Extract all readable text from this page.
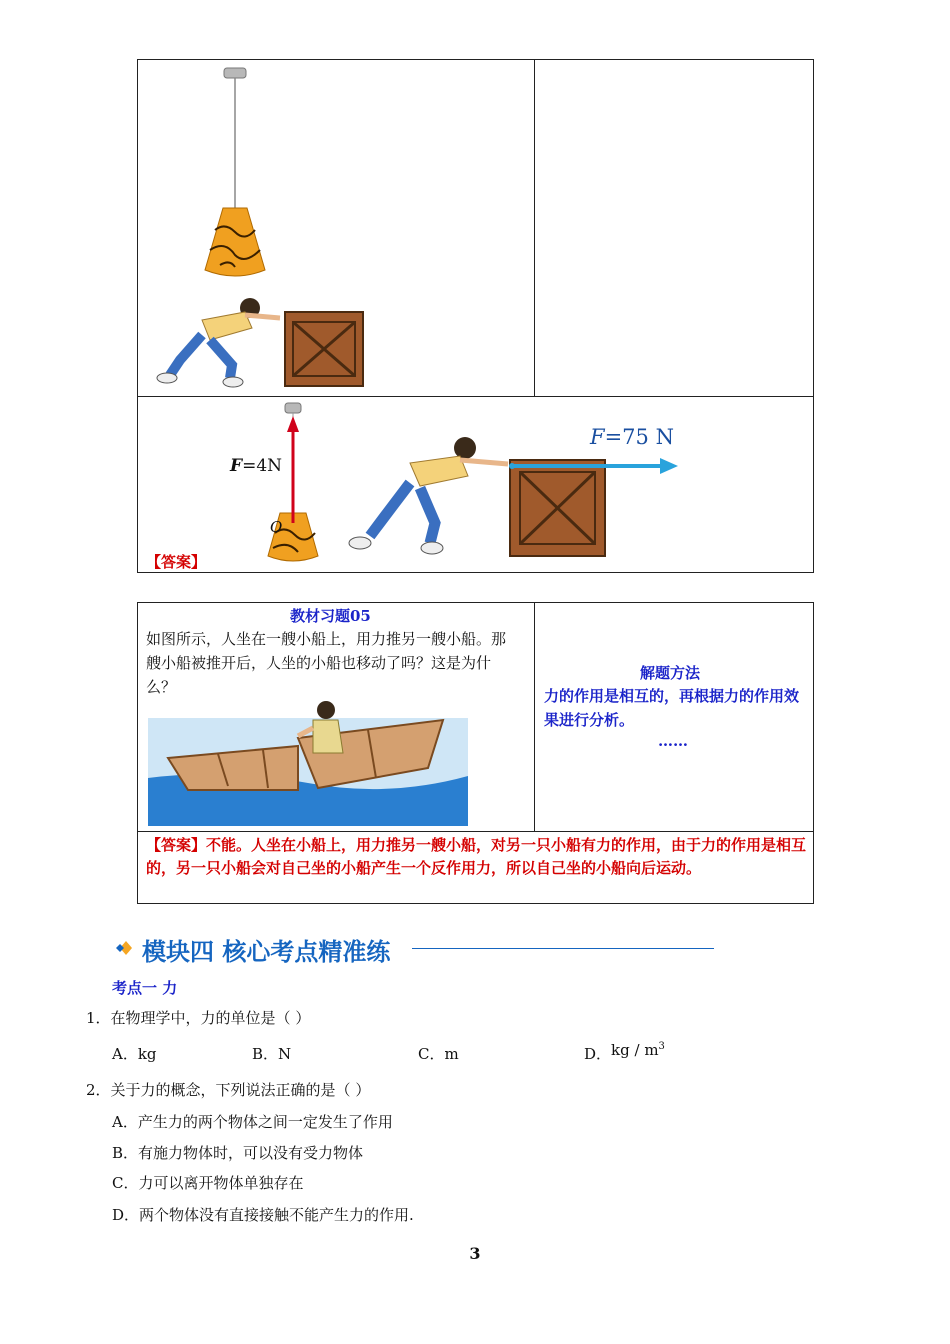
F=4N
O
F=75 N
【答案】
教材习题05
如图所示，人坐在一艘小船上，用力推另一艘小船。那艘小船被推开后，人坐的小船也移动了吗？这是为什么？
解题方法
力的作用是相互的，再根据力的作用效果进行分析。
……
【答案】不能。人坐在小船上，用力推另一艘小船，对另一只小船有力的作用，由于力的作用是相互的，另一只小船会对自己坐的小船产生一个反作用力，所以自己坐的小船向后运动。
模块四 核心考点精准练
考点一 力
1．在物理学中，力的单位是（ ）
A．kg	B．N	C．m	D．kg / $m^3$
2．关于力的概念，下列说法正确的是（ ）
A．产生力的两个物体之间一定发生了作用
B．有施力物体时，可以没有受力物体
C．力可以离开物体单独存在
D．两个物体没有直接接触不能产生力的作用.
3
